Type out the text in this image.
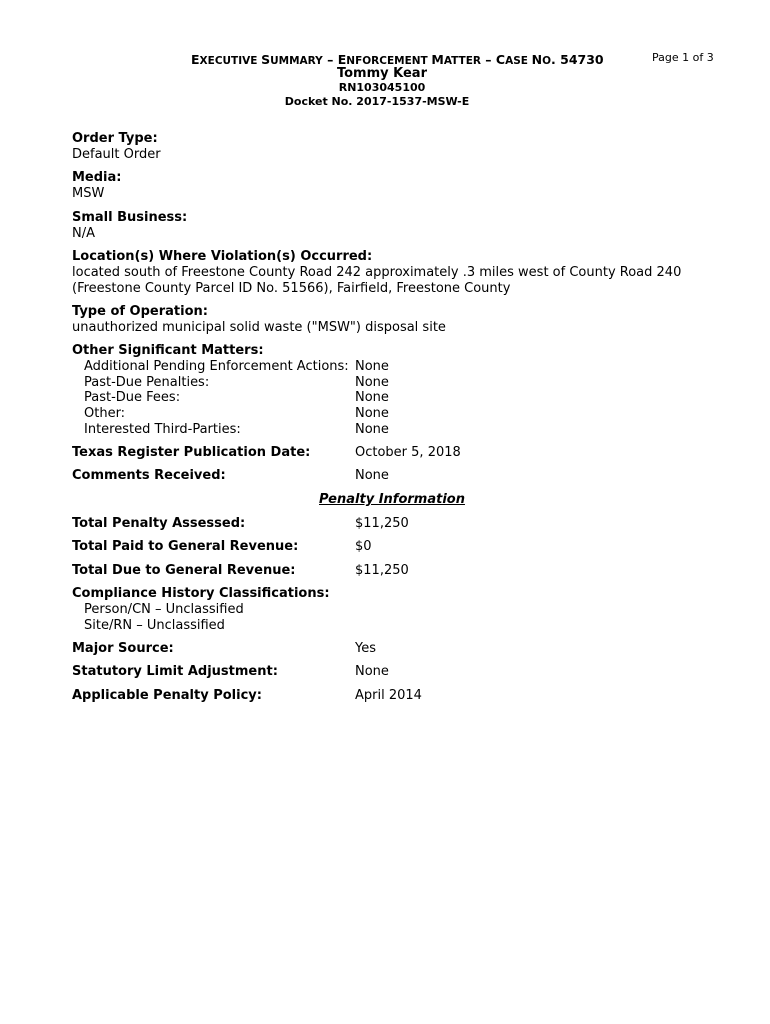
EXECUTIVE SUMMARY – ENFORCEMENT MATTER – CASE NO. 54730	Page 1 of 3
Tommy Kear
RN103045100
Docket No. 2017-1537-MSW-E
Order Type:
Default Order
Media:
MSW
Small Business:
N/A
Location(s) Where Violation(s) Occurred:
located south of Freestone County Road 242 approximately .3 miles west of County Road 240
(Freestone County Parcel ID No. 51566), Fairfield, Freestone County
Type of Operation:
unauthorized municipal solid waste ("MSW") disposal site
Other Significant Matters:
Additional Pending Enforcement Actions: None
Past-Due Penalties:	None
Past-Due Fees:	None
Other:	None
Interested Third-Parties:	None
Texas Register Publication Date:	October 5, 2018
Comments Received:	None
Penalty Information
Total Penalty Assessed:	$11,250
Total Paid to General Revenue:	$0
Total Due to General Revenue:	$11,250
Compliance History Classifications:
Person/CN – Unclassified
Site/RN – Unclassified
Major Source:	Yes
Statutory Limit Adjustment:	None
Applicable Penalty Policy:	April 2014
